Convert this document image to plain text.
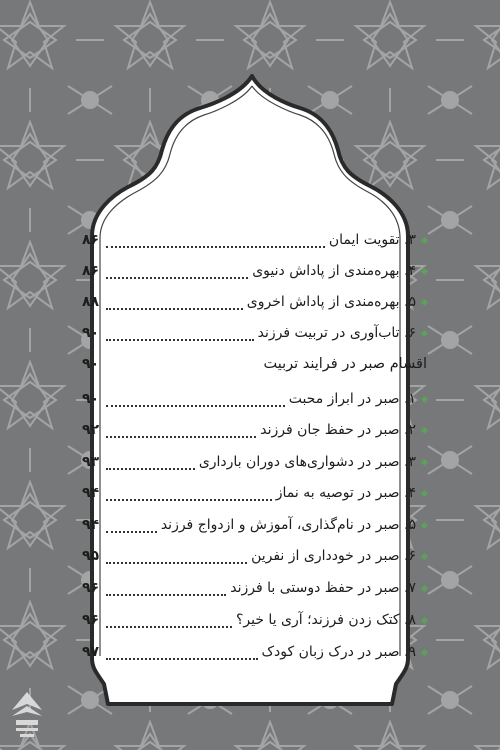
۳. تقویت ایمان
۸۶
۴. بهره‌مندی از پاداش دنیوی
۸۶
۵. بهره‌مندی از پاداش اخروی
۸۸
۶. تاب‌آوری در تربیت فرزند
۹۰
اقسام صبر در فرایند تربیت
۹۰
۱. صبر در ابراز محبت
۹۰
۲. صبر در حفظ جان فرزند
۹۲
۳. صبر در دشواری‌های دوران بارداری
۹۳
۴. صبر در توصیه به نماز
۹۴
۵. صبر در نام‌گذاری، آموزش و ازدواج فرزند
۹۴
۶. صبر در خودداری از نفرین
۹۵
۷. صبر در حفظ دوستی با فرزند
۹۶
۸. کتک زدن فرزند؛ آری یا خیر؟
۹۶
۹. صبر در درک زبان کودک
۹۷
